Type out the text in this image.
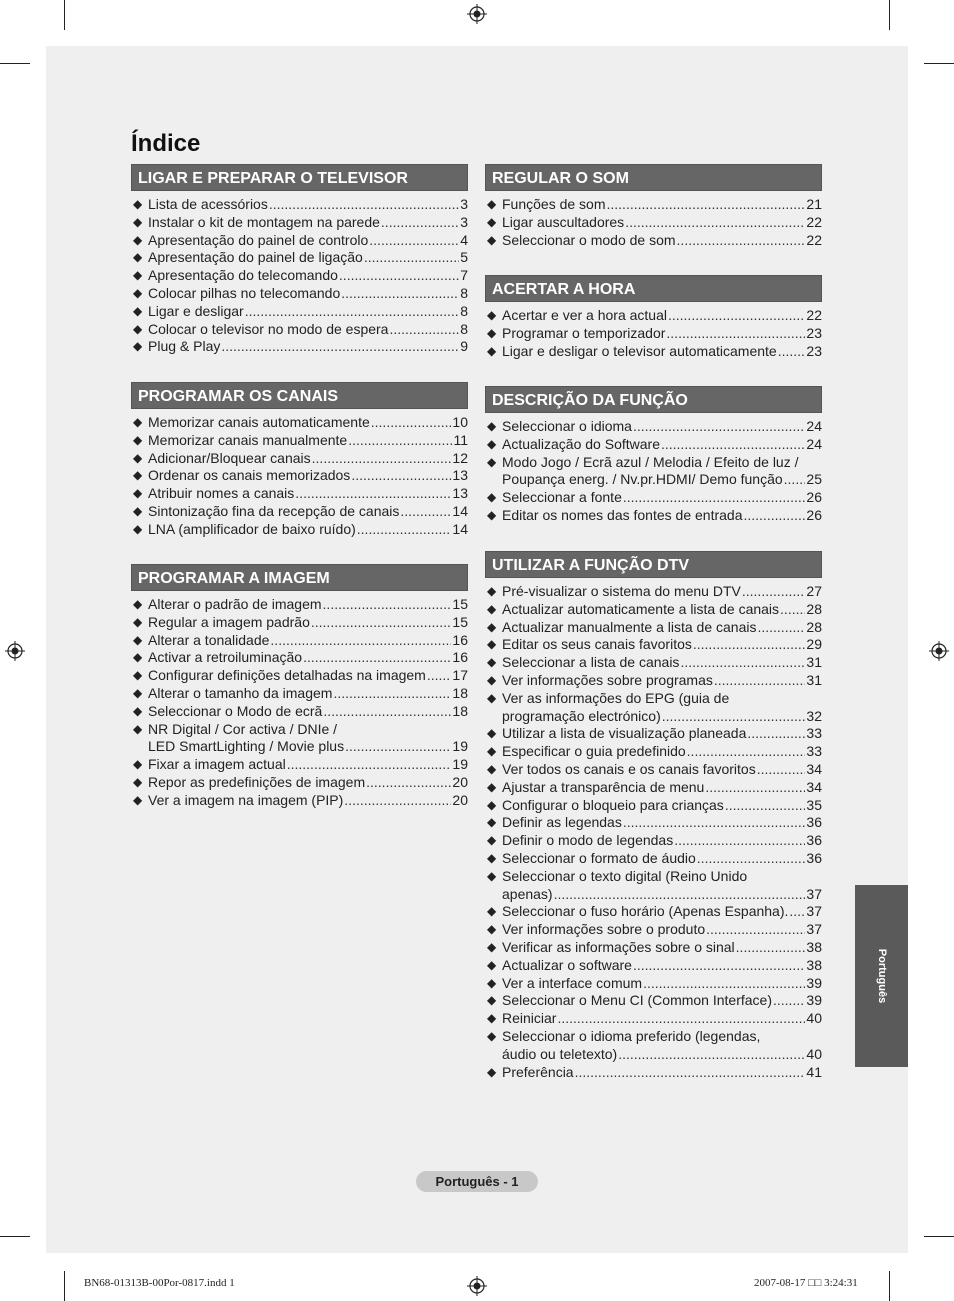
Índice
LIGAR E PREPARAR O TELEVISOR
◆ Lista de acessórios .....	3
◆ Instalar o kit de montagem na parede .....	3
◆ Apresentação do painel de controlo .....	4
◆ Apresentação do painel de ligação .....	5
◆ Apresentação do telecomando .....	7
◆ Colocar pilhas no telecomando .....	8
◆ Ligar e desligar .....	8
◆ Colocar o televisor no modo de espera .....	8
◆ Plug & Play .....	9
PROGRAMAR OS CANAIS
◆ Memorizar canais automaticamente .....	10
◆ Memorizar canais manualmente .....	11
◆ Adicionar/Bloquear canais .....	12
◆ Ordenar os canais memorizados .....	13
◆ Atribuir nomes a canais .....	13
◆ Sintonização fina da recepção de canais .....	14
◆ LNA (amplificador de baixo ruído) .....	14
PROGRAMAR A IMAGEM
◆ Alterar o padrão de imagem .....	15
◆ Regular a imagem padrão .....	15
◆ Alterar a tonalidade .....	16
◆ Activar a retroiluminação .....	16
◆ Configurar definições detalhadas na imagem ..... 17
◆ Alterar o tamanho da imagem .....	18
◆ Seleccionar o Modo de ecrã .....	18
◆ NR Digital / Cor activa / DNIe /
LED SmartLighting / Movie plus .....	19
◆ Fixar a imagem actual .....	19
◆ Repor as predefinições de imagem .....	20
◆ Ver a imagem na imagem (PIP) .....	20
REGULAR O SOM
◆ Funções de som .....	21
◆ Ligar auscultadores .....	22
◆ Seleccionar o modo de som .....	22
ACERTAR A HORA
◆ Acertar e ver a hora actual .....	22
◆ Programar o temporizador .....	23
◆ Ligar e desligar o televisor automaticamente ..... 23
DESCRIÇÃO DA FUNÇÃO
◆ Seleccionar o idioma .....	24
◆ Actualização do Software .....	24
◆ Modo Jogo / Ecrã azul / Melodia / Efeito de luz /
Poupança energ. / Nv.pr.HDMI/ Demo função ..... 25
◆ Seleccionar a fonte .....	26
◆ Editar os nomes das fontes de entrada .....	26
UTILIZAR A FUNÇÃO DTV
◆ Pré-visualizar o sistema do menu DTV .....	27
◆ Actualizar automaticamente a lista de canais ..... 28
◆ Actualizar manualmente a lista de canais .....	28
◆ Editar os seus canais favoritos .....	29
◆ Seleccionar a lista de canais .....	31
◆ Ver informações sobre programas .....	31
◆ Ver as informações do EPG (guia de
programação electrónico) .....	32
◆ Utilizar a lista de visualização planeada .....	33
◆ Especificar o guia predefinido .....	33
◆ Ver todos os canais e os canais favoritos .....	34
◆ Ajustar a transparência de menu .....	34
◆ Configurar o bloqueio para crianças .....	35
◆ Definir as legendas .....	36
◆ Definir o modo de legendas .....	36
◆ Seleccionar o formato de áudio .....	36
◆ Seleccionar o texto digital (Reino Unido
apenas) .....	37
◆ Seleccionar o fuso horário (Apenas Espanha). ..... 37
◆ Ver informações sobre o produto .....	37
◆ Verificar as informações sobre o sinal .....	38
◆ Actualizar o software .....	38
◆ Ver a interface comum .....	39
◆ Seleccionar o Menu CI (Common Interface) ..... 39
◆ Reiniciar .....	40
◆ Seleccionar o idioma preferido (legendas,
áudio ou teletexto) .....	40
◆ Preferência .....	41
Português
Português - 1
BN68-01313B-00Por-0817.indd 1	2007-08-17 □□ 3:24:31
